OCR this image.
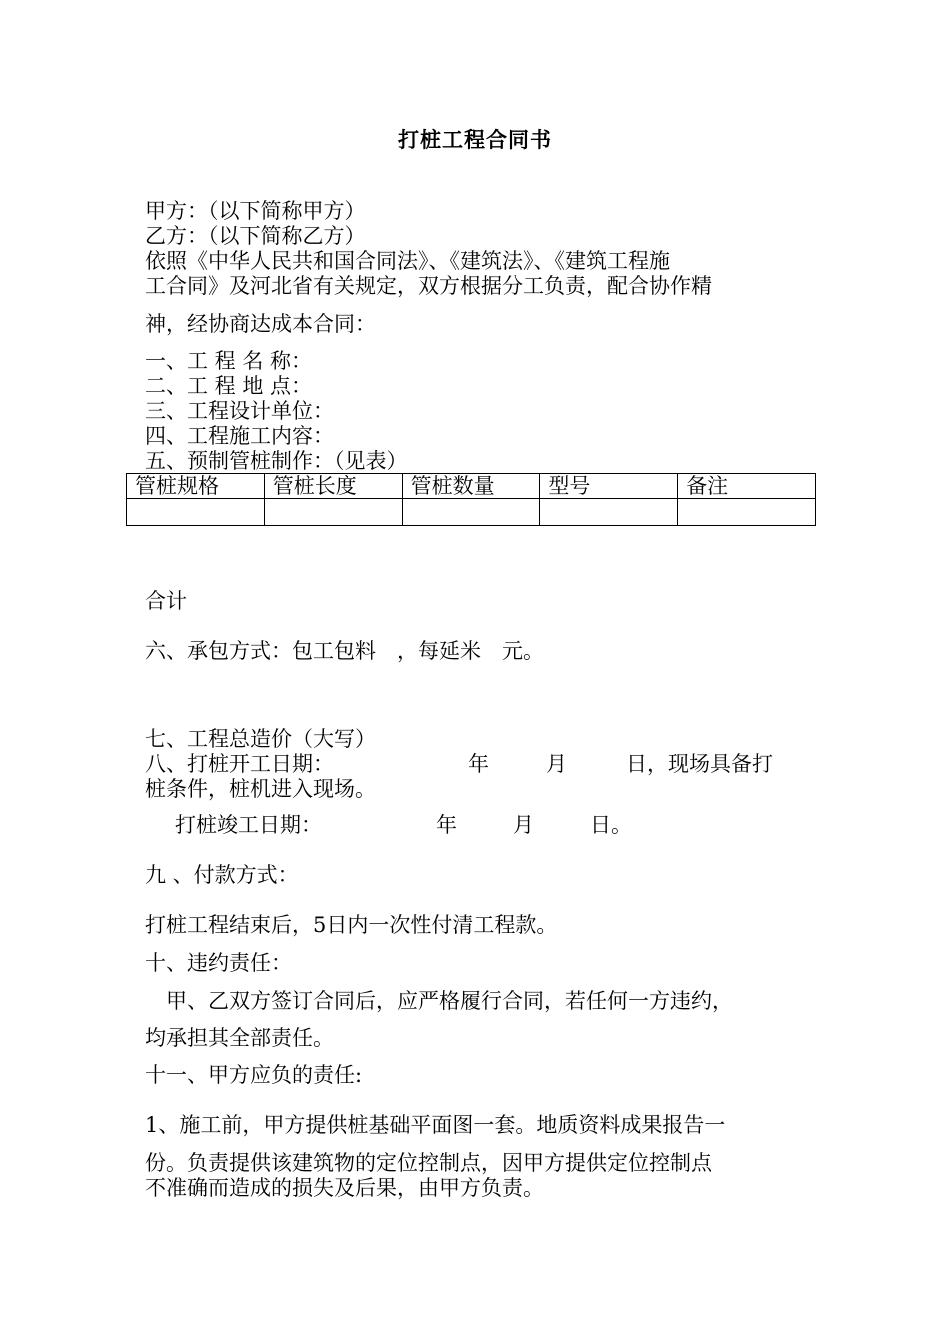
打桩工程合同书
甲方：（以下简称甲方）
乙方：（以下简称乙方）
依照《中华人民共和国合同法》、《建筑法》、《建筑工程施
工合同》及河北省有关规定，双方根据分工负责，配合协作精
神，经协商达成本合同：
一、工 程 名 称：
二、工 程 地 点：
三、工程设计单位：
四、工程施工内容：
五、预制管桩制作：（见表）
管桩规格	管桩长度	管桩数量	型号	备注

合计
六、承包方式：包工包料　，每延米　元。
七、工程总造价（大写）
八、打桩开工日期：	年	月	日，现场具备打
桩条件，桩机进入现场。
打桩竣工日期：	年	月	日。
九 、付款方式：
打桩工程结束后，5日内一次性付清工程款。
十、违约责任：
　甲、乙双方签订合同后，应严格履行合同，若任何一方违约，
均承担其全部责任。
十一、甲方应负的责任:
1、施工前，甲方提供桩基础平面图一套。地质资料成果报告一
份。负责提供该建筑物的定位控制点，因甲方提供定位控制点
不准确而造成的损失及后果，由甲方负责。
